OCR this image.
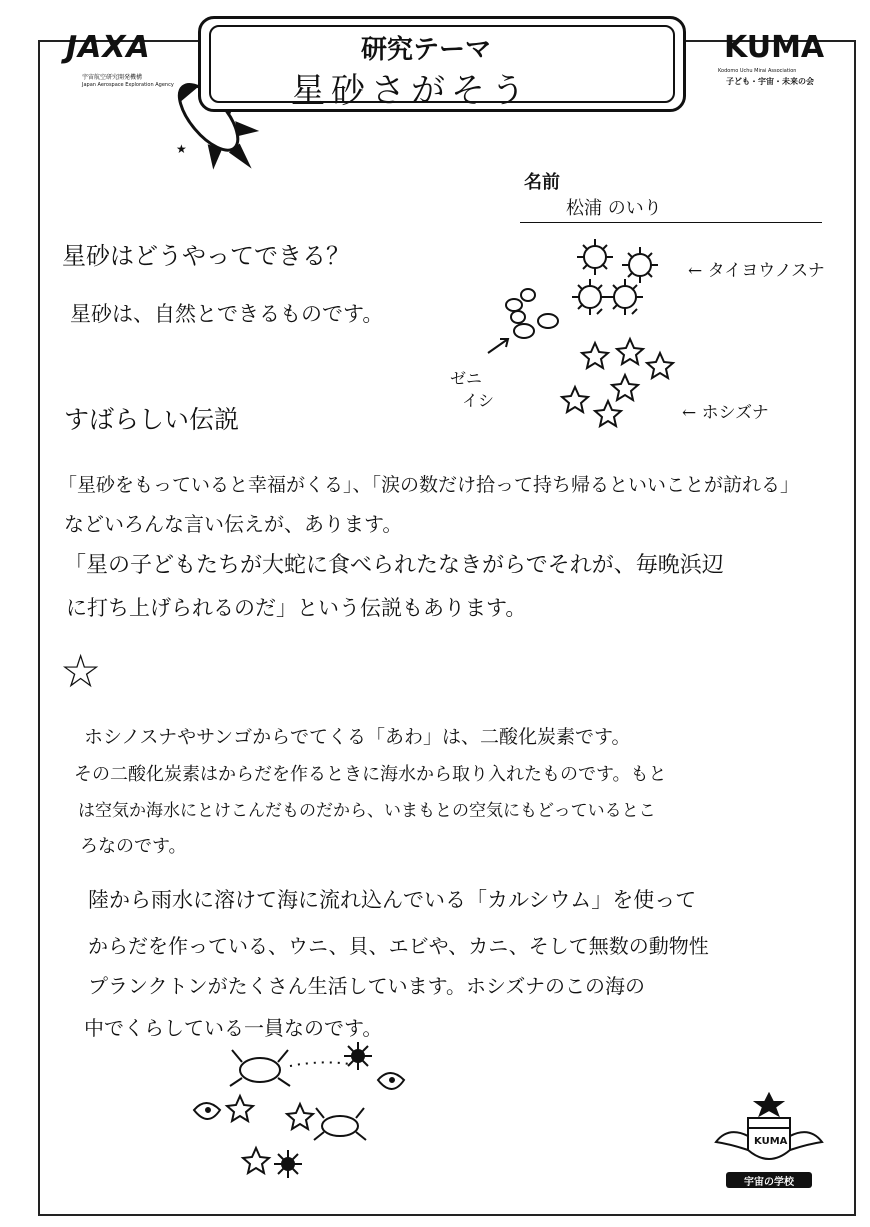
JAXA
宇宙航空研究開発機構
Japan Aerospace Exploration Agency
★
研究テーマ
星砂さがそう
KUMA
Kodomo Uchu Mirai Association
子ども・宇宙・未来の会
名前
松浦 のいり
星砂はどうやってできる？
星砂は、自然とできるものです。
すばらしい伝説
「星砂をもっていると幸福がくる」、「涙の数だけ拾って持ち帰るといいことが訪れる」
などいろんな言い伝えが、あります。
「星の子どもたちが大蛇に食べられたなきがらでそれが、毎晩浜辺
に打ち上げられるのだ」という伝説もあります。
☆
ホシノスナやサンゴからでてくる「あわ」は、二酸化炭素です。
その二酸化炭素はからだを作るときに海水から取り入れたものです。もと
は空気か海水にとけこんだものだから、いまもとの空気にもどっているとこ
ろなのです。
陸から雨水に溶けて海に流れ込んでいる「カルシウム」を使って
からだを作っている、ウニ、貝、エビや、カニ、そして無数の動物性
プランクトンがたくさん生活しています。ホシズナのこの海の
中でくらしている一員なのです。
← タイヨウノスナ
ゼニ
イシ
← ホシズナ
KUMA
宇宙の学校
